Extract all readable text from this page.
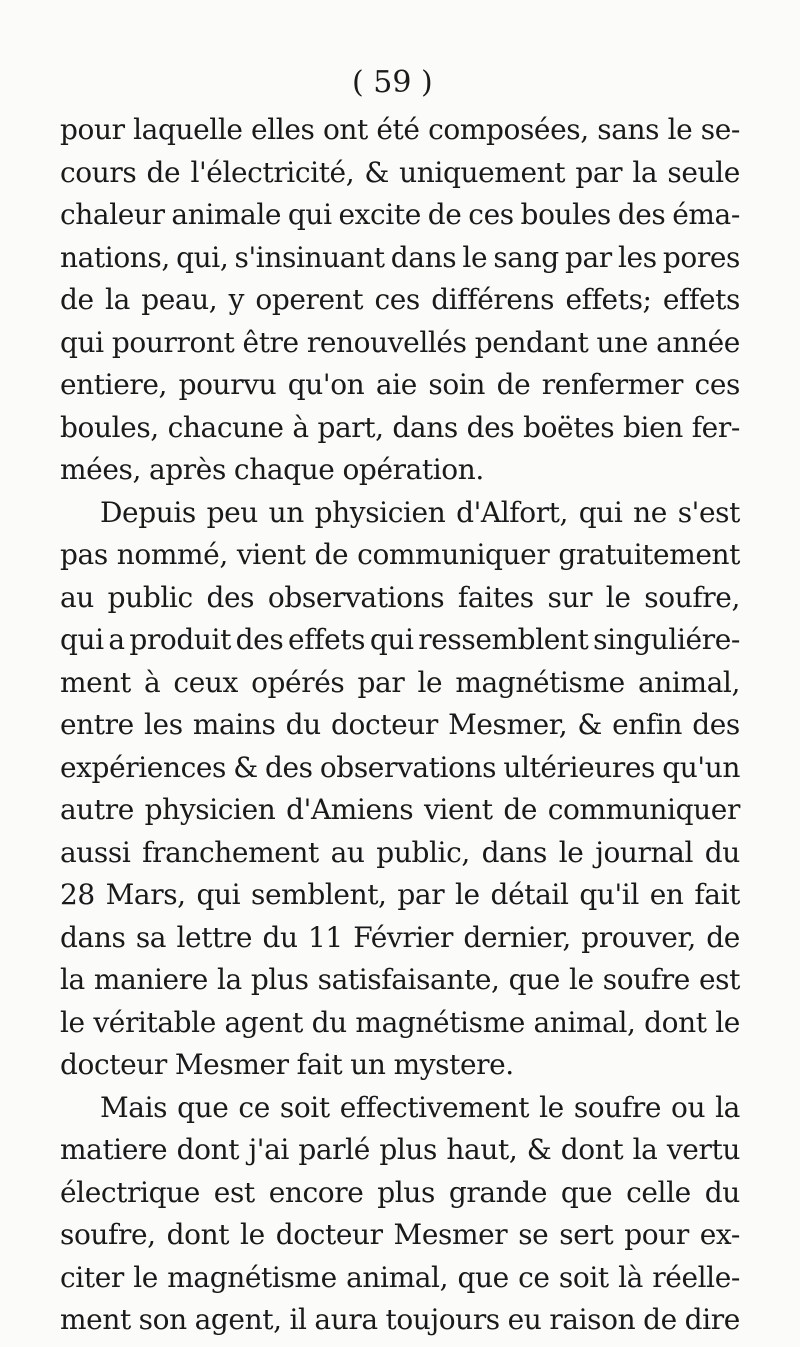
( 59 )
pour laquelle elles ont été composées, sans le se-
cours de l'électricité, & uniquement par la seule
chaleur animale qui excite de ces boules des éma-
nations, qui, s'insinuant dans le sang par les pores
de la peau, y operent ces différens effets; effets
qui pourront être renouvellés pendant une année
entiere, pourvu qu'on aie soin de renfermer ces
boules, chacune à part, dans des boëtes bien fer-
mées, après chaque opération.
Depuis peu un physicien d'Alfort, qui ne s'est
pas nommé, vient de communiquer gratuitement
au public des observations faites sur le soufre,
qui a produit des effets qui ressemblent singuliére-
ment à ceux opérés par le magnétisme animal,
entre les mains du docteur Mesmer, & enfin des
expériences & des observations ultérieures qu'un
autre physicien d'Amiens vient de communiquer
aussi franchement au public, dans le journal du
28 Mars, qui semblent, par le détail qu'il en fait
dans sa lettre du 11 Février dernier, prouver, de
la maniere la plus satisfaisante, que le soufre est
le véritable agent du magnétisme animal, dont le
docteur Mesmer fait un mystere.
Mais que ce soit effectivement le soufre ou la
matiere dont j'ai parlé plus haut, & dont la vertu
électrique est encore plus grande que celle du
soufre, dont le docteur Mesmer se sert pour ex-
citer le magnétisme animal, que ce soit là réelle-
ment son agent, il aura toujours eu raison de dire
